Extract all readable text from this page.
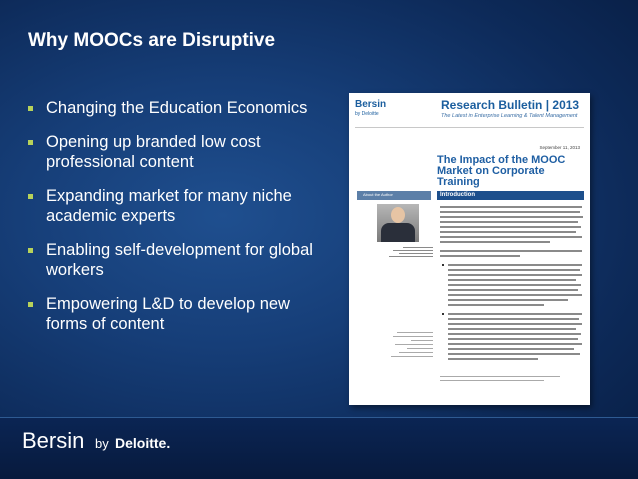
Why MOOCs are Disruptive
Changing the Education Economics
Opening up branded low cost professional content
Expanding market for many niche academic experts
Enabling self-development for global workers
Empowering L&D to develop new forms of content
Bersin
by Deloitte
Research Bulletin | 2013
The Latest in Enterprise Learning & Talent Management
September 11, 2013
The Impact of the MOOC Market on Corporate Training
About the Author	Introduction
Bersin by Deloitte.
